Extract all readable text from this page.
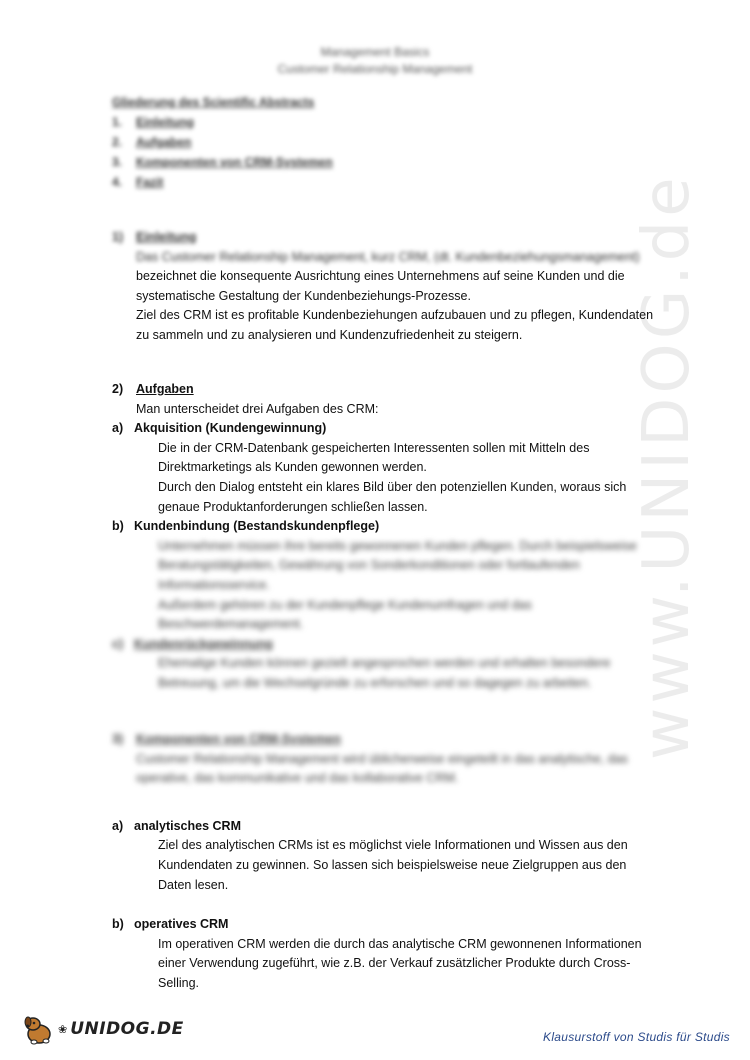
www.UNIDOG.de
Management Basics
Customer Relationship Management
Gliederung des Scientific Abstracts
1.	Einleitung
2.	Aufgaben
3.	Komponenten von CRM-Systemen
4.	Fazit
1)	Einleitung
Das Customer Relationship Management, kurz CRM, (dt. Kundenbeziehungsmanagement)
bezeichnet die konsequente Ausrichtung eines Unternehmens auf seine Kunden und die
systematische Gestaltung der Kundenbeziehungs-Prozesse.
Ziel des CRM ist es profitable Kundenbeziehungen aufzubauen und zu pflegen, Kundendaten
zu sammeln und zu analysieren und Kundenzufriedenheit zu steigern.
2)	Aufgaben
Man unterscheidet drei Aufgaben des CRM:
a) Akquisition (Kundengewinnung)
Die in der CRM-Datenbank gespeicherten Interessenten sollen mit Mitteln des
Direktmarketings als Kunden gewonnen werden.
Durch den Dialog entsteht ein klares Bild über den potenziellen Kunden, woraus sich
genaue Produktanforderungen schließen lassen.
b) Kundenbindung (Bestandskundenpflege)
Unternehmen müssen ihre bereits gewonnenen Kunden pflegen. Durch beispielsweise
Beratungstätigkeiten, Gewährung von Sonderkonditionen oder fortlaufenden
Informationsservice.
Außerdem gehören zu der Kundenpflege Kundenumfragen und das
Beschwerdemanagement.
c) Kundenrückgewinnung
Ehemalige Kunden können gezielt angesprochen werden und erhalten besondere
Betreuung, um die Wechselgründe zu erforschen und so dagegen zu arbeiten.
3)	Komponenten von CRM-Systemen
Customer Relationship Management wird üblicherweise eingeteilt in das analytische, das
operative, das kommunikative und das kollaborative CRM.
a) analytisches CRM
Ziel des analytischen CRMs ist es möglichst viele Informationen und Wissen aus den
Kundendaten zu gewinnen. So lassen sich beispielsweise neue Zielgruppen aus den
Daten lesen.
b) operatives CRM
Im operativen CRM werden die durch das analytische CRM gewonnenen Informationen
einer Verwendung zugeführt, wie z.B. der Verkauf zusätzlicher Produkte durch Cross-
Selling.
❀ UNIDOG.DE	Klausurstoff von Studis für Studis
